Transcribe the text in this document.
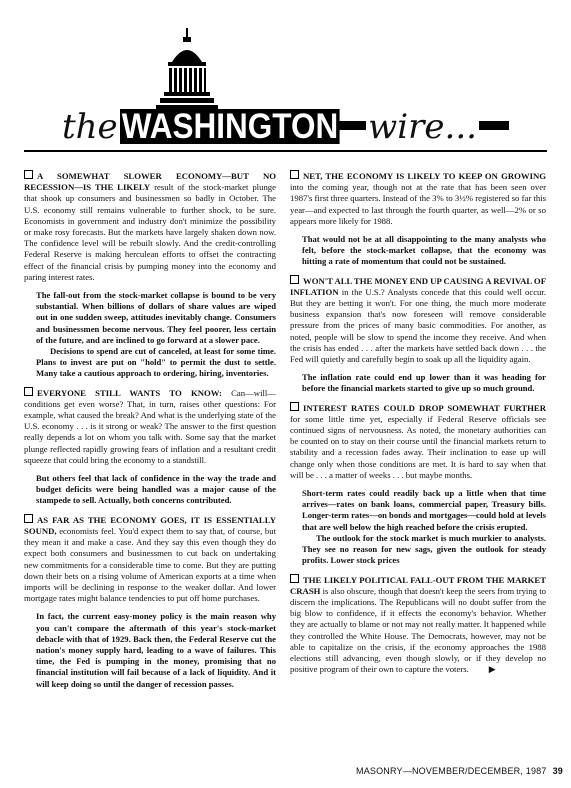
the WASHINGTON wire...

A SOMEWHAT SLOWER ECONOMY—BUT NO RECESSION—IS THE LIKELY result of the stock-market plunge that shook up consumers and businessmen so badly in October. The U.S. economy still remains vulnerable to further shock, to be sure. Economists in government and industry don't minimize the possibility or make rosy forecasts. But the markets have largely shaken down now. The confidence level will be rebuilt slowly. And the credit-controlling Federal Reserve is making herculean efforts to offset the contracting effect of the financial crisis by pumping money into the economy and paring interest rates.

The fall-out from the stock-market collapse is bound to be very substantial. When billions of dollars of share values are wiped out in one sudden sweep, attitudes inevitably change. Consumers and businessmen become nervous. They feel poorer, less certain of the future, and are inclined to go forward at a slower pace.
Decisions to spend are cut of canceled, at least for some time. Plans to invest are put on "hold" to permit the dust to settle. Many take a cautious approach to ordering, hiring, inventories.

EVERYONE STILL WANTS TO KNOW: Can—will—conditions get even worse? That, in turn, raises other questions: For example, what caused the break? And what is the underlying state of the U.S. economy . . . is it strong or weak? The answer to the first question really depends a lot on whom you talk with. Some say that the market plunge reflected rapidly growing fears of inflation and a resultant credit squeeze that could bring the economy to a standstill.

But others feel that lack of confidence in the way the trade and budget deficits were being handled was a major cause of the stampede to sell. Actually, both concerns contributed.

AS FAR AS THE ECONOMY GOES, IT IS ESSENTIALLY SOUND, economists feel. You'd expect them to say that, of course, but they mean it and make a case. And they say this even though they do expect both consumers and businessmen to cut back on undertaking new commitments for a considerable time to come. But they are putting down their bets on a rising volume of American exports at a time when imports will be declining in response to the weaker dollar. And lower mortgage rates might balance tendencies to put off home purchases.

In fact, the current easy-money policy is the main reason why you can't compare the aftermath of this year's stock-market debacle with that of 1929. Back then, the Federal Reserve cut the nation's money supply hard, leading to a wave of failures. This time, the Fed is pumping in the money, promising that no financial institution will fail because of a lack of liquidity. And it will keep doing so until the danger of recession passes.

NET, THE ECONOMY IS LIKELY TO KEEP ON GROWING into the coming year, though not at the rate that has been seen over 1987's first three quarters. Instead of the 3% to 3½% registered so far this year—and expected to last through the fourth quarter, as well—2% or so appears more likely for 1988.

That would not be at all disappointing to the many analysts who felt, before the stock-market collapse, that the economy was hitting a rate of momentum that could not be sustained.

WON'T ALL THE MONEY END UP CAUSING A REVIVAL OF INFLATION in the U.S.? Analysts concede that this could well occur. But they are betting it won't. For one thing, the much more moderate business expansion that's now foreseen will remove considerable pressure from the prices of many basic commodities. For another, as noted, people will be slow to spend the income they receive. And when the crisis has ended . . . after the markets have settled back down . . . the Fed will quietly and carefully begin to soak up all the liquidity again.

The inflation rate could end up lower than it was heading for before the financial markets started to give up so much ground.

INTEREST RATES COULD DROP SOMEWHAT FURTHER for some little time yet, especially if Federal Reserve officials see continued signs of nervousness. As noted, the monetary authorities can be counted on to stay on their course until the financial markets return to stability and a recession fades away. Their inclination to ease up will change only when those conditions are met. It is hard to say when that will be . . . a matter of weeks . . . but maybe months.

Short-term rates could readily back up a little when that time arrives—rates on bank loans, commercial paper, Treasury bills. Longer-term rates—on bonds and mortgages—could hold at levels that are well below the high reached before the crisis erupted.
The outlook for the stock market is much murkier to analysts. They see no reason for new sags, given the outlook for steady profits. Lower stock prices

THE LIKELY POLITICAL FALL-OUT FROM THE MARKET CRASH is also obscure, though that doesn't keep the seers from trying to discern the implications. The Republicans will no doubt suffer from the big blow to confidence, if it effects the economy's behavior. Whether they are actually to blame or not may not really matter. It happened while they controlled the White House. The Democrats, however, may not be able to capitalize on the crisis, if the economy approaches the 1988 elections still advancing, even though slowly, or if they develop no positive program of their own to capture the voters. ▶

MASONRY—NOVEMBER/DECEMBER, 1987 39
